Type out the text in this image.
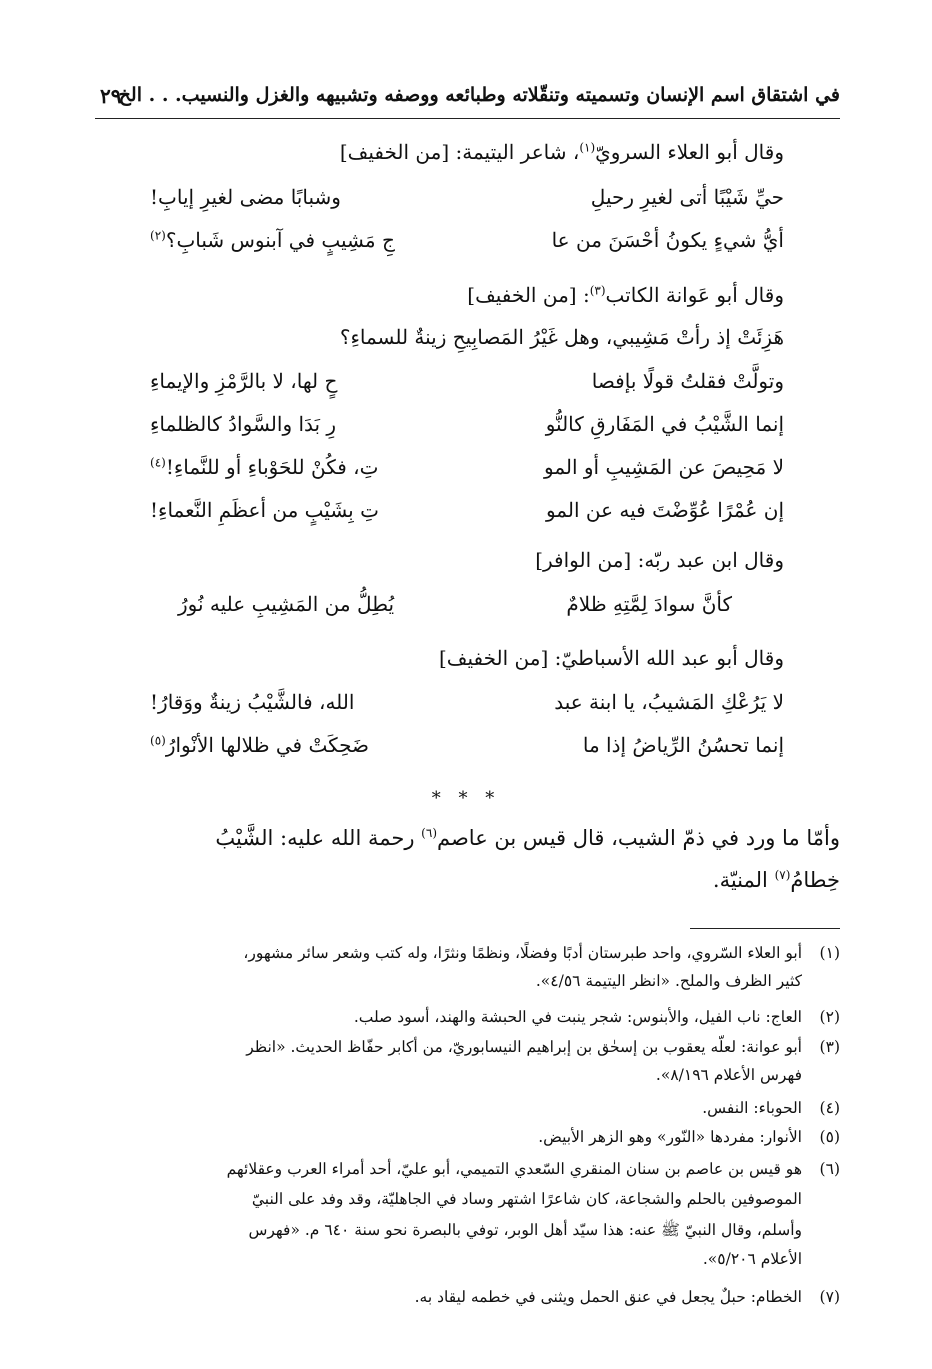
في اشتقاق اسم الإنسان وتسميته وتنقّلاته وطبائعه ووصفه وتشبيهه والغزل والنسيب. . . الخ
٢٩
وقال أبو العلاء السرويّ$^{(١)}$، شاعر اليتيمة: [من الخفيف]
حيِّ شَيْبًا أتى لغيرِ رحيلِ
وشبابًا مضى لغيرِ إيابِ!
أيُّ شيءٍ يكونُ أحْسَنَ من عا
جِ مَشِيبٍ في آبنوس شَبابِ؟$^{(٢)}$
وقال أبو عَوانة الكاتب$^{(٣)}$: [من الخفيف]
هَزِئَتْ إذ رأتْ مَشِيبي، وهل غَيْرُ المَصابِيحِ زينةٌ للسماءِ؟
وتولَّتْ فقلتُ قولًا بإفصا
حٍ لها، لا بالرَّمْزِ والإيماءِ
إنما الشَّيْبُ في المَفَارقِ كالنُّو
رِ بَدَا والسَّوادُ كالظلماءِ
لا مَحِيصَ عن المَشِيبِ أو المو
تِ، فكُنْ للحَوْباءِ أو للنَّماءِ!$^{(٤)}$
إن عُمْرًا عُوِّضْتَ فيه عن المو
تِ بِشَيْبٍ من أعظَمِ النَّعماءِ!
وقال ابن عبد ربّه: [من الوافر]
كأنَّ سوادَ لِمَّتِهِ ظلامٌ
يُطِلُّ من المَشِيبِ عليه نُورُ
وقال أبو عبد الله الأسباطيّ: [من الخفيف]
لا يَرُعْكِ المَشيبُ، يا ابنة عبد
الله، فالشَّيْبُ زينةٌ ووَقارُ!
إنما تحسُنُ الرِّياضُ إذا ما
ضَحِكَتْ في ظلالها الأنْوارُ$^{(٥)}$
* * *
وأمّا ما ورد في ذمّ الشيب، قال قيس بن عاصم$^{(٦)}$ رحمة الله عليه: الشَّيْبُ
خِطامُ$^{(٧)}$ المنيّة.
(١)
أبو العلاء السّروي، واحد طبرستان أدبًا وفضلًا، ونظمًا ونثرًا، وله كتب وشعر سائر مشهور،
كثير الظرف والملح. «انظر اليتيمة ٤/٥٦».
(٢)
العاج: ناب الفيل، والأبنوس: شجر ينبت في الحبشة والهند، أسود صلب.
(٣)
أبو عوانة: لعلّه يعقوب بن إسحٰق بن إبراهيم النيسابوريّ، من أكابر حفّاظ الحديث. «انظر
فهرس الأعلام ٨/١٩٦».
(٤)
الحوباء: النفس.
(٥)
الأنوار: مفردها «النّور» وهو الزهر الأبيض.
(٦)
هو قيس بن عاصم بن سنان المنقري السّعدي التميمي، أبو عليّ، أحد أمراء العرب وعقلائهم
الموصوفين بالحلم والشجاعة، كان شاعرًا اشتهر وساد في الجاهليّة، وقد وفد على النبيّ
وأسلم، وقال النبيّ ﷺ عنه: هذا سيّد أهل الوبر، توفي بالبصرة نحو سنة ٦٤٠ م. «فهرس
الأعلام ٥/٢٠٦».
(٧)
الخطام: حبلٌ يجعل في عنق الحمل ويثنى في خطمه ليقاد به.
